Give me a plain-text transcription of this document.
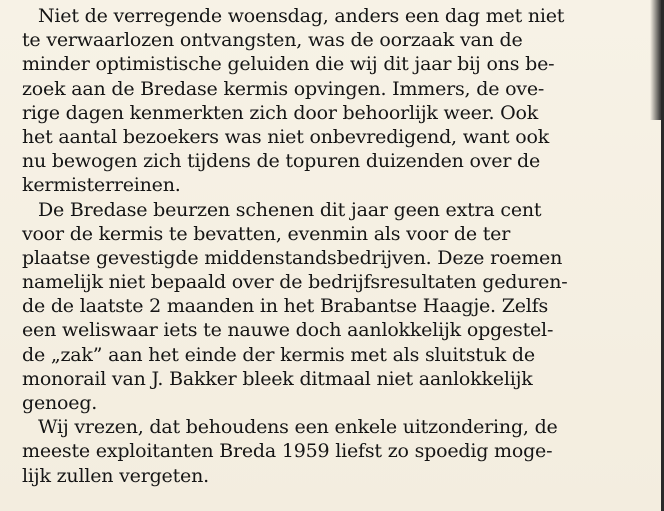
Niet de verregende woensdag, anders een dag met niet
te verwaarlozen ontvangsten, was de oorzaak van de
minder optimistische geluiden die wij dit jaar bij ons be-
zoek aan de Bredase kermis opvingen. Immers, de ove-
rige dagen kenmerkten zich door behoorlijk weer. Ook
het aantal bezoekers was niet onbevredigend, want ook
nu bewogen zich tijdens de topuren duizenden over de
kermisterreinen.
De Bredase beurzen schenen dit jaar geen extra cent
voor de kermis te bevatten, evenmin als voor de ter
plaatse gevestigde middenstandsbedrijven. Deze roemen
namelijk niet bepaald over de bedrijfsresultaten geduren-
de de laatste 2 maanden in het Brabantse Haagje. Zelfs
een weliswaar iets te nauwe doch aanlokkelijk opgestel-
de „zak” aan het einde der kermis met als sluitstuk de
monorail van J. Bakker bleek ditmaal niet aanlokkelijk
genoeg.
Wij vrezen, dat behoudens een enkele uitzondering, de
meeste exploitanten Breda 1959 liefst zo spoedig moge-
lijk zullen vergeten.
